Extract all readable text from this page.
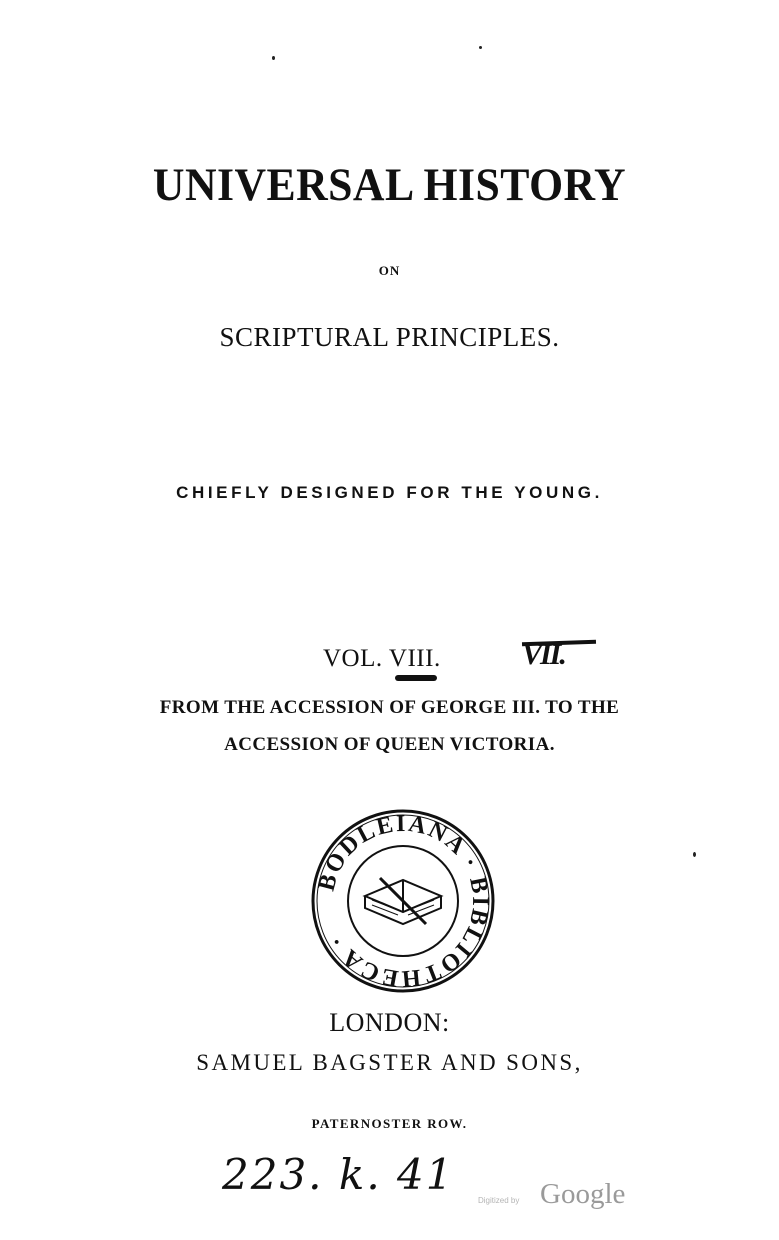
UNIVERSAL HISTORY
ON
SCRIPTURAL PRINCIPLES.
CHIEFLY DESIGNED FOR THE YOUNG.
VOL. VIII.	VII.
FROM THE ACCESSION OF GEORGE III. TO THE
ACCESSION OF QUEEN VICTORIA.
BODLEIANA · BIBLIOTHECA ·
LONDON:
SAMUEL BAGSTER AND SONS,
PATERNOSTER ROW.
223. k. 41
Digitized by Google
